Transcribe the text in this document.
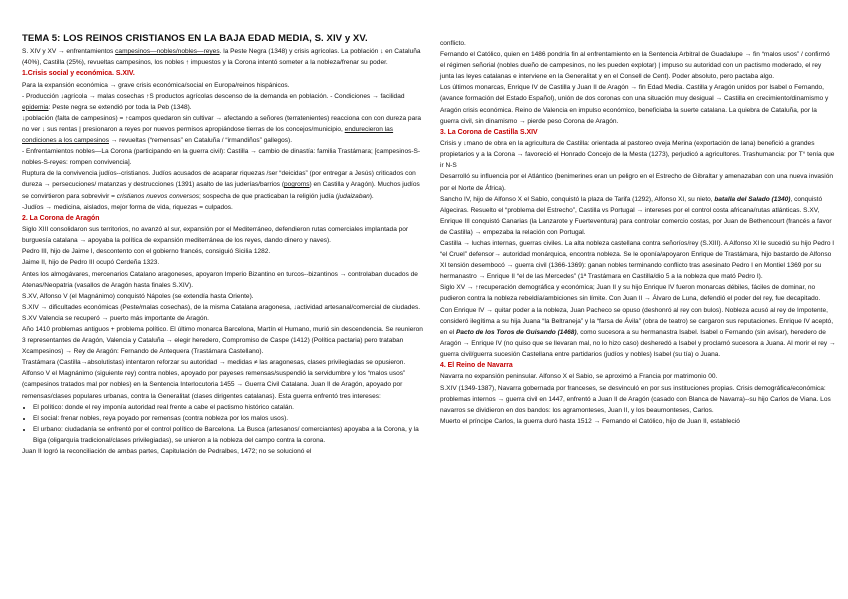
TEMA 5: LOS REINOS CRISTIANOS EN LA BAJA EDAD MEDIA, S. XIV y XV.

S. XIV y XV → enfrentamientos campesinos—nobles/nobles—reyes. la Peste Negra (1348) y crisis agrícolas. La población ↓ en Cataluña (40%), Castilla (25%), revueltas campesinos, los nobles ↑ impuestos y la Corona intentó someter a la nobleza/frenar su poder.

1.Crisis social y económica. S.XIV.

Para la expansión económica → grave crisis económica/social en Europa/reinos hispánicos.

- Producción ↓agrícola → malas cosechas ↑S productos agrícolas descenso de la demanda en población. - Condiciones → facilidad epidemia: Peste negra se extendió por toda la Peb (1348).

↓población (falta de campesinos) = ↑campos quedaron sin cultivar → afectando a señores (terratenientes) reacciona con con dureza para no ver ↓ sus rentas | presionaron a reyes por nuevos permisos apropiándose tierras de los concejos/municipio, endurecieron las condiciones a los campesinos → revueltas (“remensas” en Cataluña / “irmandiños” gallegos).

- Enfrentamientos nobles—La Corona (participando en la guerra civil): Castilla → cambio de dinastía: familia Trastámara; [campesinos-S-nobles-S-reyes: rompen convivencia].

Ruptura de la convivencia judíos--cristianos. Judíos acusados de acaparar riquezas /ser “deicidas” (por entregar a Jesús) criticados con dureza → persecuciones/ matanzas y destrucciones (1391) asalto de las juderías/barrios (pogroms) en Castilla y Aragón). Muchos judíos se convirtieron para sobrevivir = cristianos nuevos conversos; sospecha de que practicaban la religión judía (judaizaban).

-Judíos → medicina, aislados, mejor forma de vida, riquezas = culpados.

2. La Corona de Aragón

Siglo XIII consolidaron sus territorios, no avanzó al sur, expansión por el Mediterráneo, defendieron rutas comerciales implantada por burguesía catalana → apoyaba la política de expansión mediterránea de los reyes, dando dinero y naves).

Pedro III, hijo de Jaime I, descontento con el gobierno francés, consiguió Sicilia 1282.

Jaime II, hijo de Pedro III ocupó Cerdeña 1323.

Antes los almogávares, mercenarios Catalano aragoneses, apoyaron Imperio Bizantino en turcos--bizantinos → controlaban ducados de Atenas/Neopatria (vasallos de Aragón hasta finales S.XIV).

S.XV, Alfonso V (el Magnánimo) conquistó Nápoles (se extendía hasta Oriente).

S.XIV → dificultades económicas (Peste/malas cosechas), de la misma Catalana aragonesa, ↓actividad artesanal/comercial de ciudades. S.XV Valencia se recuperó → puerto más importante de Aragón.

Año 1410 problemas antiguos + problema político. El último monarca Barcelona, Martín el Humano, murió sin descendencia. Se reunieron 3 representantes de Aragón, Valencia y Cataluña → elegir heredero, Compromiso de Caspe (1412) (Política pactaria) pero trataban Xcampesinos) → Rey de Aragón: Fernando de Antequera (Trastámara Castellano).

Trastámara (Castilla→absolutistas) intentaron reforzar su autoridad → medidas ≠ las aragonesas, clases privilegiadas se opusieron.

Alfonso V el Magnánimo (siguiente rey) contra nobles, apoyado por payeses remensas/suspendió la servidumbre y los “malos usos” (campesinos tratados mal por nobles) en la Sentencia Interlocutoria 1455 → Guerra Civil Catalana. Juan II de Aragón, apoyado por remensas/clases populares urbanas, contra la Generalitat (clases dirigentes catalanas). Esta guerra enfrentó tres intereses:

• El político: donde el rey imponía autoridad real frente a cabe el pactismo histórico catalán.
• El social: frenar nobles, reya poyado por remensas (contra nobleza por los malos usos).
• El urbano: ciudadanía se enfrentó por el control político de Barcelona. La Busca (artesanos/ comerciantes) apoyaba a la Corona, y la Biga (oligarquía tradicional/clases privilegiadas), se unieron a la nobleza del campo contra la corona.

Juan II logró la reconciliación de ambas partes, Capitulación de Pedralbes, 1472; no se solucionó el

conflicto.

Fernando el Católico, quien en 1486 pondría fin al enfrentamiento en la Sentencia Arbitral de Guadalupe → fin “malos usos” / confirmó el régimen señorial (nobles dueño de campesinos, no les pueden explotar) | impuso su autoridad con un pactismo moderado, el rey junta las leyes catalanas e interviene en la Generalitat y en el Consell de Cent). Poder absoluto, pero pactaba algo.

Los últimos monarcas, Enrique IV de Castilla y Juan II de Aragón → fin Edad Media. Castilla y Aragón unidos por Isabel o Fernando, (avance formación del Estado Español), unión de dos coronas con una situación muy desigual → Castilla en crecimiento/dinamismo y Aragón crisis económica. Reino de Valencia en impulso económico, beneficiaba la suerte catalana. La quiebra de Cataluña, por la guerra civil, sin dinamismo → pierde peso Corona de Aragón.

3. La Corona de Castilla S.XIV

Crisis y ↓mano de obra en la agricultura de Castilla: orientada al pastoreo oveja Merina (exportación de lana) benefició a grandes propietarios y a la Corona → favoreció el Honrado Concejo de la Mesta (1273), perjudicó a agricultores. Trashumancia: por T° tenía que ir N-S

Desarrolló su influencia por el Atlántico (benimerines eran un peligro en el Estrecho de Gibraltar y amenazaban con una nueva invasión por el Norte de África).

Sancho IV, hijo de Alfonso X el Sabio, conquistó la plaza de Tarifa (1292), Alfonso XI, su nieto, batalla del Salado (1340), conquistó Algeciras. Resuelto el “problema del Estrecho”, Castilla vs Portugal → intereses por el control costa africana/rutas atlánticas. S.XV, Enrique III conquistó Canarias (la Lanzarote y Fuerteventura) para controlar comercio costas, por Juan de Bethencourt (francés a favor de Castilla) → empezaba la relación con Portugal.

Castilla → luchas internas, guerras civiles. La alta nobleza castellana contra señoríos/rey (S.XIII). A Alfonso XI le sucedió su hijo Pedro I “el Cruel” defensor→ autoridad monárquica, encontra nobleza. Se le oponía/apoyaron Enrique de Trastámara, hijo bastardo de Alfonso XI tensión desembocó → guerra civil (1366-1369): ganan nobles terminando conflicto tras asesinato Pedro I en Montiel 1369 por su hermanastro → Enrique II “el de las Mercedes” (1ª Trastámara en Castilla/dio 5 a la nobleza que mató Pedro I).

Siglo XV → ↑recuperación demográfica y económica; Juan II y su hijo Enrique IV fueron monarcas débiles, fáciles de dominar, no pudieron contra la nobleza rebeldía/ambiciones sin límite. Con Juan II → Álvaro de Luna, defendió el poder del rey, fue decapitado.

Con Enrique IV → quitar poder a la nobleza, Juan Pacheco se opuso (deshonró al rey con bulos). Nobleza acusó al rey de Impotente, consideró ilegítima a su hija Juana “la Beltraneja” y la “farsa de Ávila” (obra de teatro) se cargaron sus reputaciones. Enrique IV aceptó, en el Pacto de los Toros de Guisando (1468), como sucesora a su hermanastra Isabel. Isabel o Fernando (sin avisar), heredero de Aragón → Enrique IV (no quiso que se llevaran mal, no lo hizo caso) desheredó a Isabel y proclamó sucesora a Juana. Al morir el rey → guerra civil/guerra sucesión Castellana entre partidarios (judíos y nobles) Isabel (su tía) o Juana.

4. El Reino de Navarra

Navarra no expansión peninsular. Alfonso X el Sabio, se aproximó a Francia por matrimonio 00.

S.XIV (1349-1387), Navarra gobernada por franceses, se desvinculó en por sus instituciones propias. Crisis demográfica/económica: problemas internos → guerra civil en 1447, enfrentó a Juan II de Aragón (casado con Blanca de Navarra)--su hijo Carlos de Viana. Los navarros se dividieron en dos bandos: los agramonteses, Juan II, y los beaumonteses, Carlos.

Muerto el príncipe Carlos, la guerra duró hasta 1512 → Fernando el Católico, hijo de Juan II, estableció
